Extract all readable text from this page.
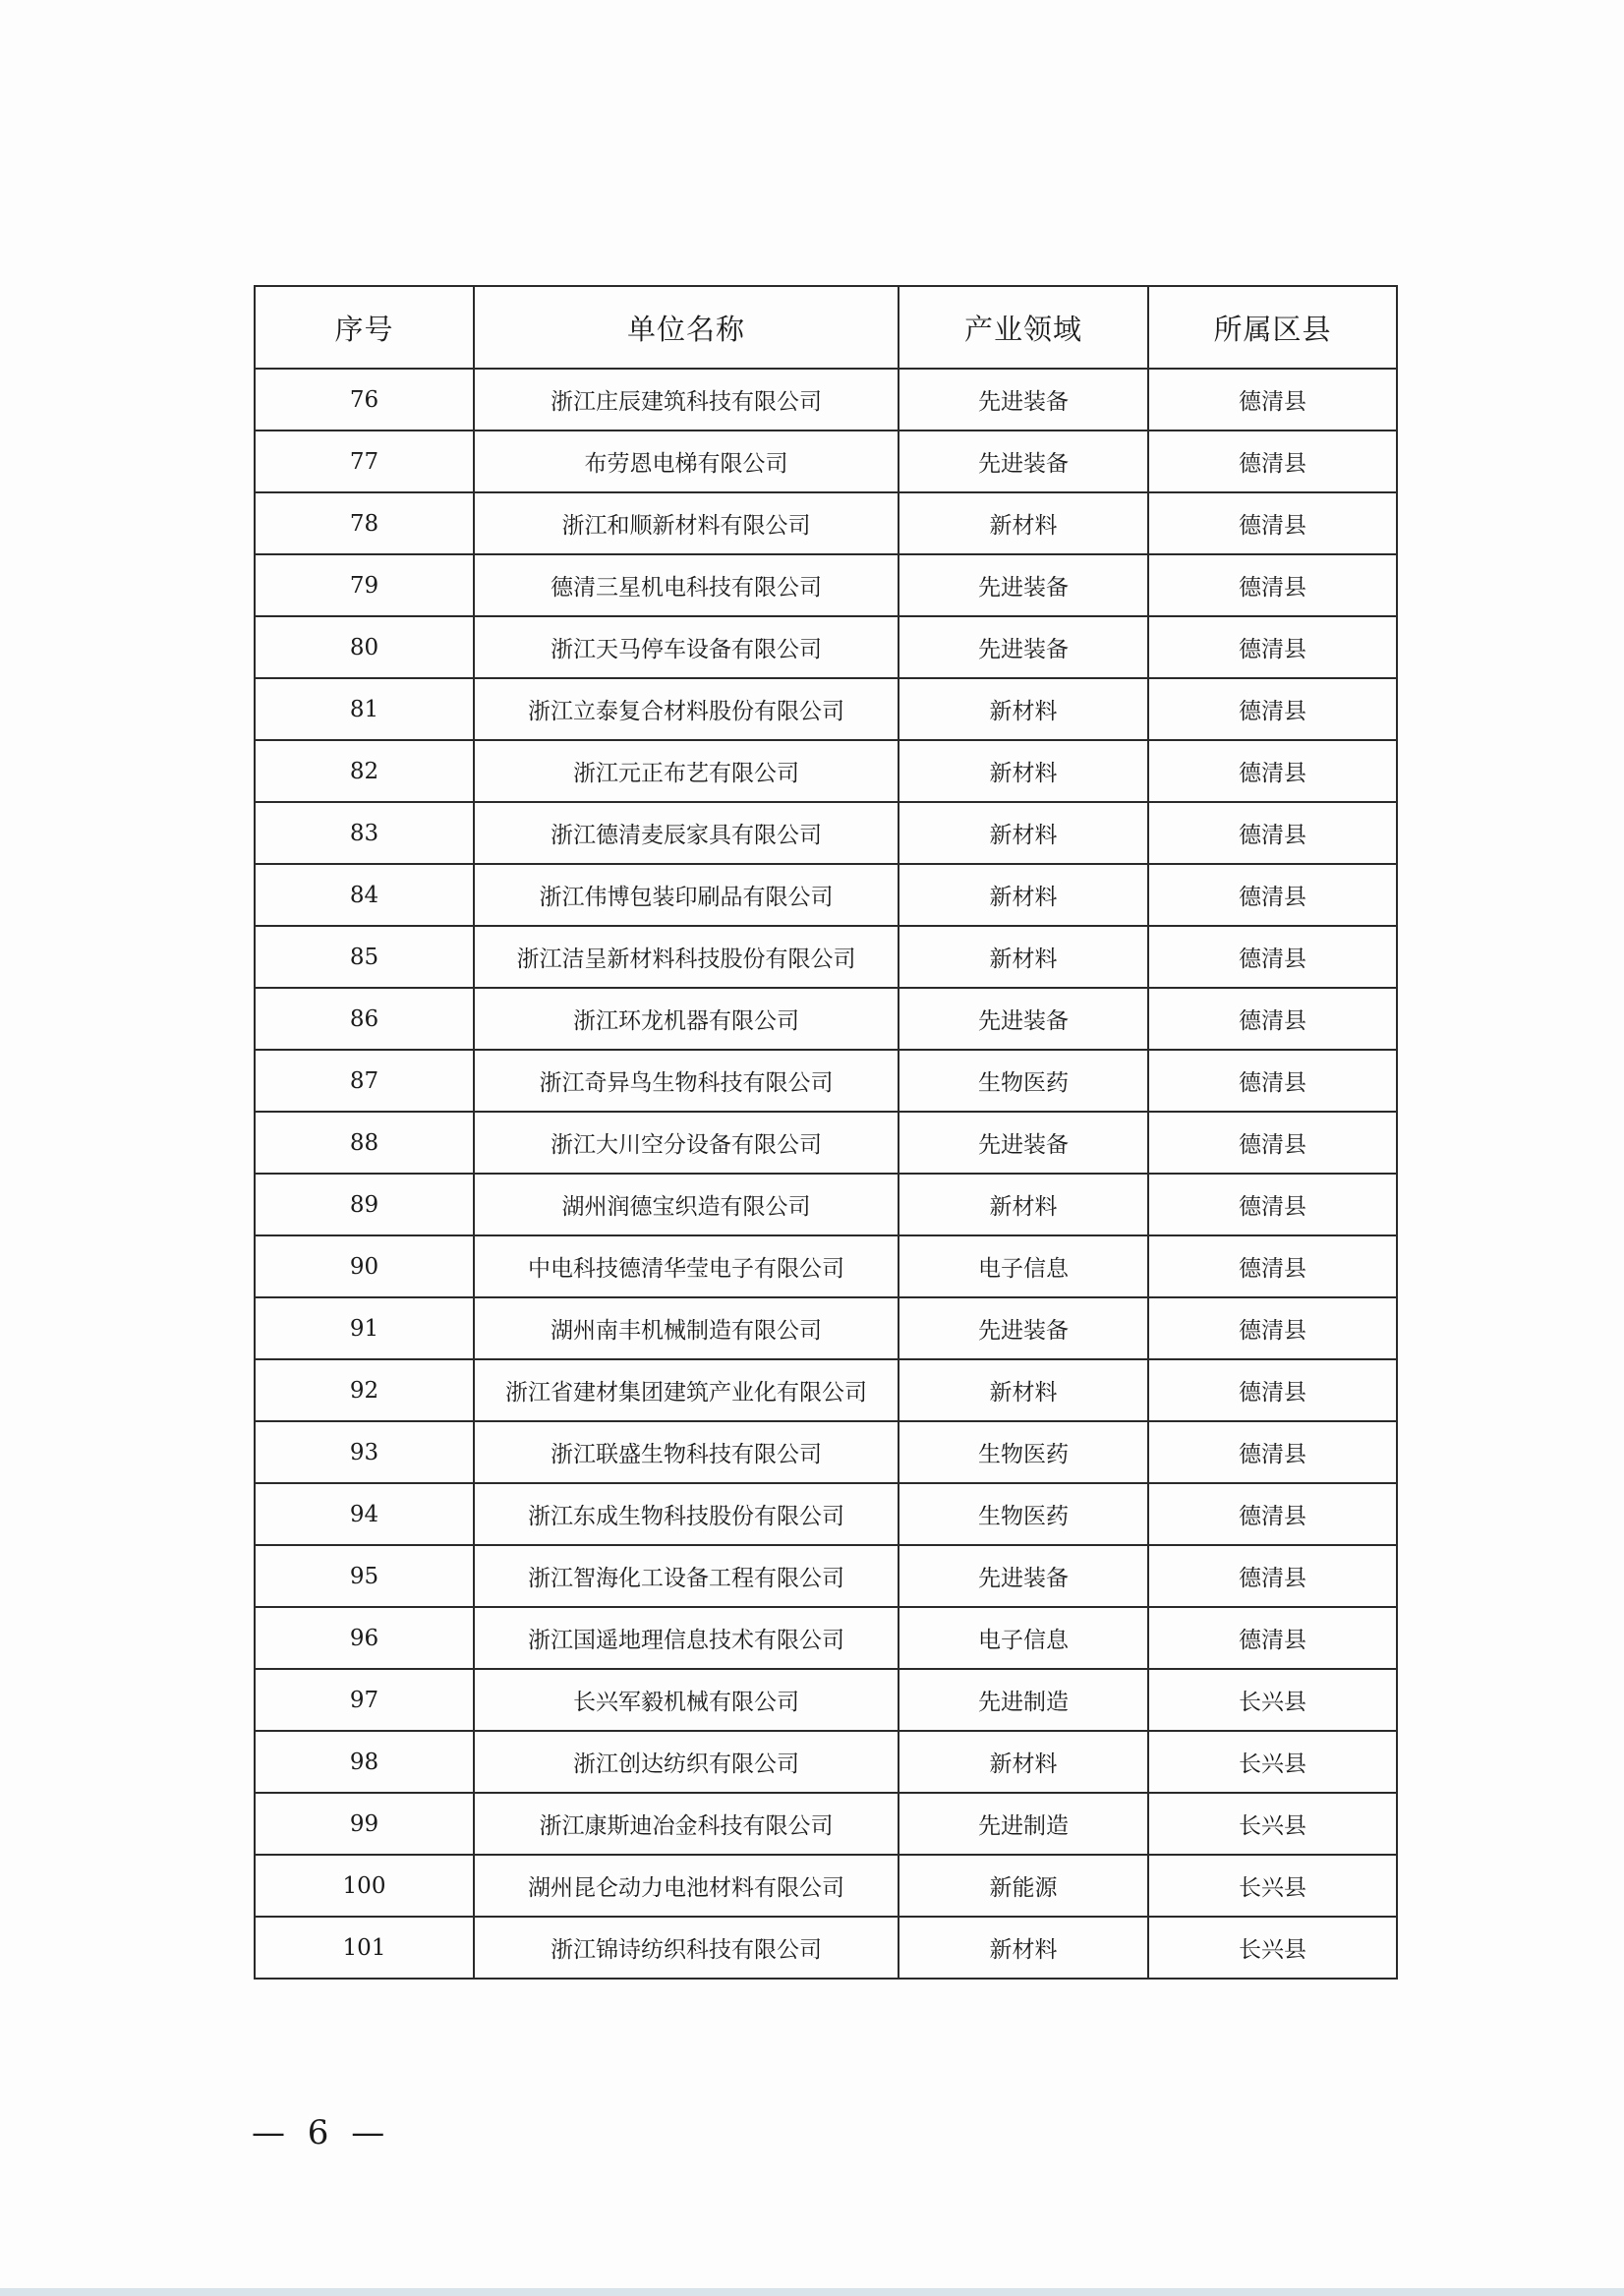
序号	单位名称	产业领域	所属区县
76	浙江庄辰建筑科技有限公司	先进装备	德清县
77	布劳恩电梯有限公司	先进装备	德清县
78	浙江和顺新材料有限公司	新材料	德清县
79	德清三星机电科技有限公司	先进装备	德清县
80	浙江天马停车设备有限公司	先进装备	德清县
81	浙江立泰复合材料股份有限公司	新材料	德清县
82	浙江元正布艺有限公司	新材料	德清县
83	浙江德清麦辰家具有限公司	新材料	德清县
84	浙江伟博包装印刷品有限公司	新材料	德清县
85	浙江洁呈新材料科技股份有限公司	新材料	德清县
86	浙江环龙机器有限公司	先进装备	德清县
87	浙江奇异鸟生物科技有限公司	生物医药	德清县
88	浙江大川空分设备有限公司	先进装备	德清县
89	湖州润德宝织造有限公司	新材料	德清县
90	中电科技德清华莹电子有限公司	电子信息	德清县
91	湖州南丰机械制造有限公司	先进装备	德清县
92	浙江省建材集团建筑产业化有限公司	新材料	德清县
93	浙江联盛生物科技有限公司	生物医药	德清县
94	浙江东成生物科技股份有限公司	生物医药	德清县
95	浙江智海化工设备工程有限公司	先进装备	德清县
96	浙江国遥地理信息技术有限公司	电子信息	德清县
97	长兴军毅机械有限公司	先进制造	长兴县
98	浙江创达纺织有限公司	新材料	长兴县
99	浙江康斯迪冶金科技有限公司	先进制造	长兴县
100	湖州昆仑动力电池材料有限公司	新能源	长兴县
101	浙江锦诗纺织科技有限公司	新材料	长兴县
— 6 —
